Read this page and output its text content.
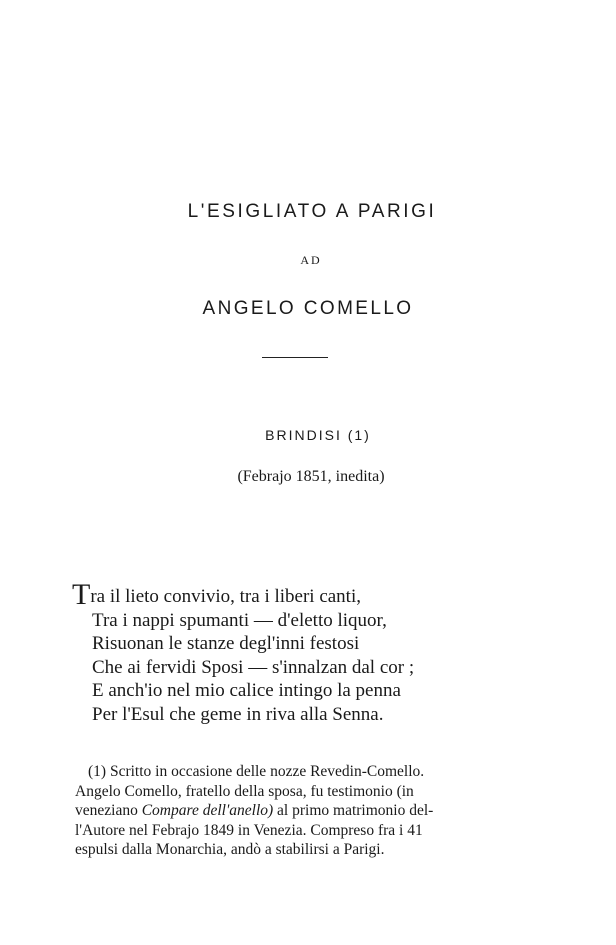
L'ESIGLIATO A PARIGI
AD
ANGELO COMELLO
BRINDISI (1)
(Febrajo 1851, inedita)
Tra il lieto convivio, tra i liberi canti,
Tra i nappi spumanti — d'eletto liquor,
Risuonan le stanze degl'inni festosi
Che ai fervidi Sposi — s'innalzan dal cor ;
E anch'io nel mio calice intingo la penna
Per l'Esul che geme in riva alla Senna.
(1) Scritto in occasione delle nozze Revedin-Comello.
Angelo Comello, fratello della sposa, fu testimonio (in
veneziano Compare dell'anello) al primo matrimonio del-
l'Autore nel Febrajo 1849 in Venezia. Compreso fra i 41
espulsi dalla Monarchia, andò a stabilirsi a Parigi.
